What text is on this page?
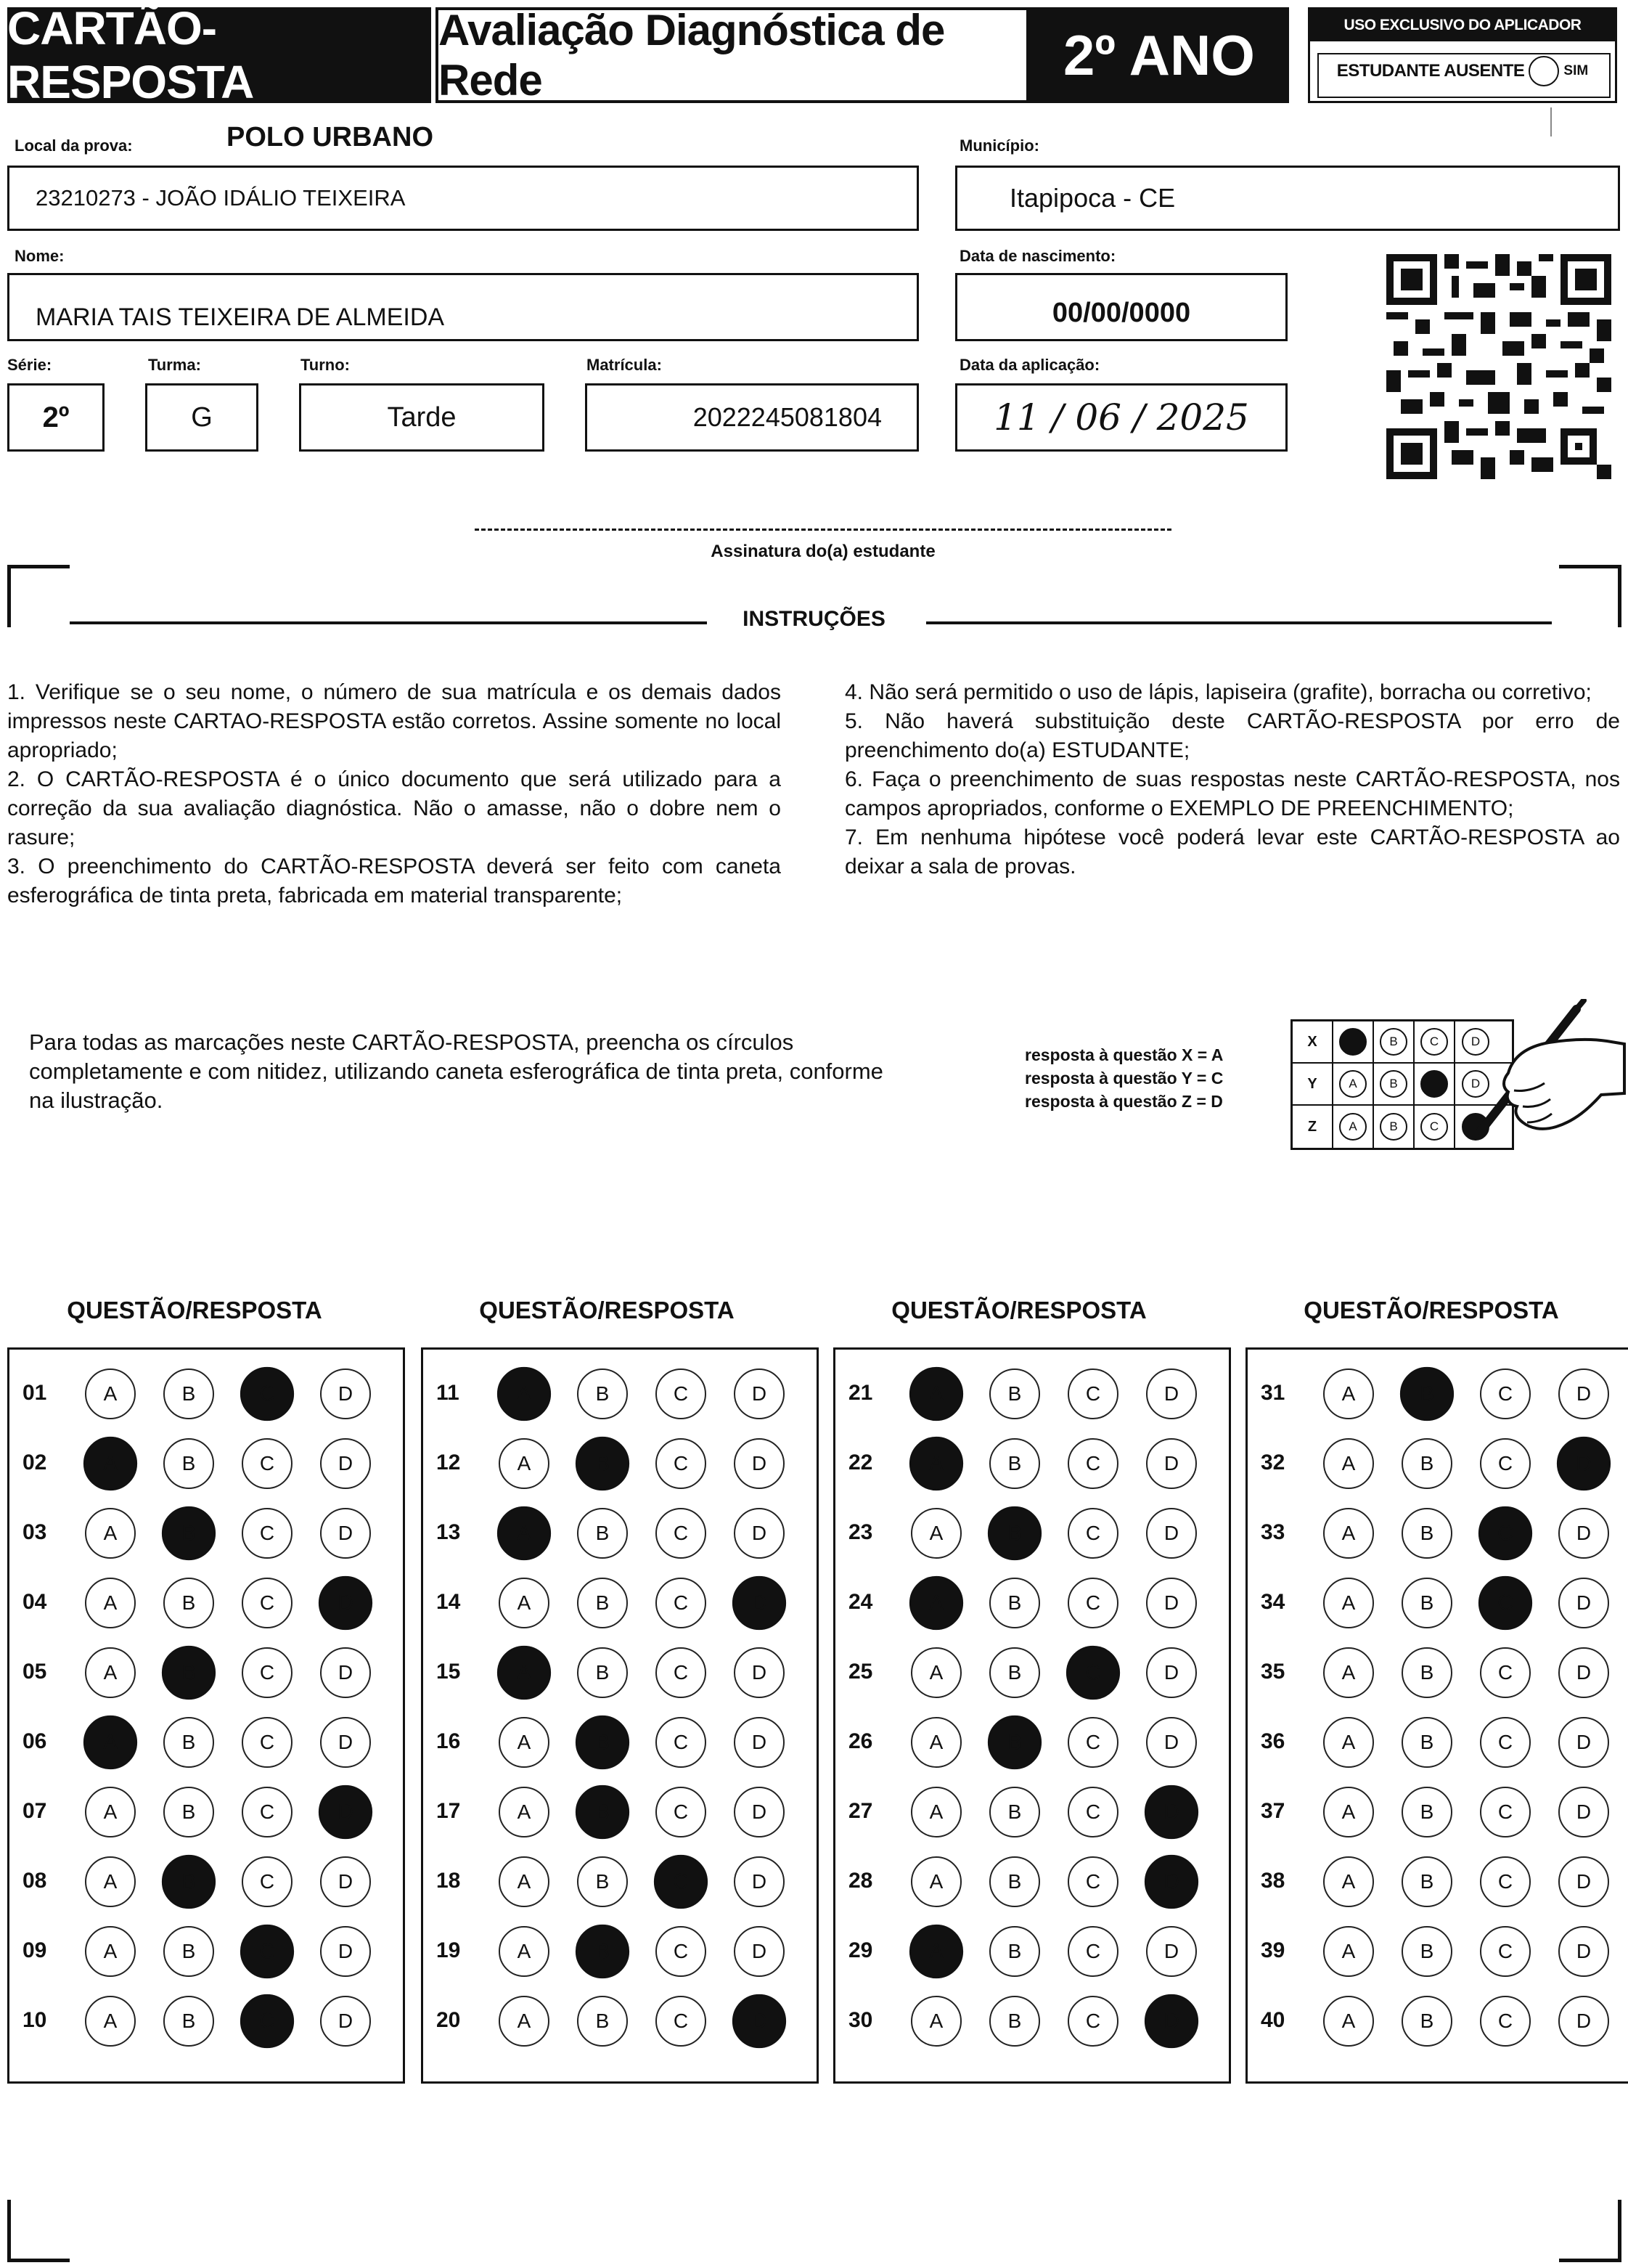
CARTÃO-RESPOSTA
Avaliação Diagnóstica de Rede	2º ANO	USO EXCLUSIVO DO APLICADOR
ESTUDANTE AUSENTE	SIM
Local da prova:	POLO URBANO
23210273 - JOÃO IDÁLIO TEIXEIRA
Município:
Itapipoca - CE
Nome:
MARIA TAIS TEIXEIRA DE ALMEIDA
Data de nascimento:
00/00/0000
Série:
2º
Turma:
G
Turno:
Tarde
Matrícula:
2022245081804
Data da aplicação:
11 / 06 / 2025
Assinatura do(a) estudante
INSTRUÇÕES

1. Verifique se o seu nome, o número de sua matrícula e os demais dados impressos neste CARTAO-RESPOSTA estão corretos. Assine somente no local apropriado;

2. O CARTÃO-RESPOSTA é o único documento que será utilizado para a correção da sua avaliação diagnóstica. Não o amasse, não o dobre nem o rasure;

3. O preenchimento do CARTÃO-RESPOSTA deverá ser feito com caneta esferográfica de tinta preta, fabricada em material transparente;

4. Não será permitido o uso de lápis, lapiseira (grafite), borracha ou corretivo;

5. Não haverá substituição deste CARTÃO-RESPOSTA por erro de preenchimento do(a) ESTUDANTE;

6. Faça o preenchimento de suas respostas neste CARTÃO-RESPOSTA, nos campos apropriados, conforme o EXEMPLO DE PREENCHIMENTO;

7. Em nenhuma hipótese você poderá levar este CARTÃO-RESPOSTA ao deixar a sala de provas.

Para todas as marcações neste CARTÃO-RESPOSTA, preencha os círculos completamente e com nitidez, utilizando caneta esferográfica de tinta preta, conforme na ilustração.
resposta à questão X = A
resposta à questão Y = C
resposta à questão Z = D
X	B	C	D
Y	A	B	D
Z	A	B	C
QUESTÃO/RESPOSTA	QUESTÃO/RESPOSTA	QUESTÃO/RESPOSTA	QUESTÃO/RESPOSTA
01	A	B	C	D
02	A	B	C	D
03	A	B	C	D
04	A	B	C	D
05	A	B	C	D
06	A	B	C	D
07	A	B	C	D
08	A	B	C	D
09	A	B	C	D
10	A	B	C	D
11	A	B	C	D
12	A	B	C	D
13	A	B	C	D
14	A	B	C	D
15	A	B	C	D
16	A	B	C	D
17	A	B	C	D
18	A	B	C	D
19	A	B	C	D
20	A	B	C	D
21	A	B	C	D
22	A	B	C	D
23	A	B	C	D
24	A	B	C	D
25	A	B	C	D
26	A	B	C	D
27	A	B	C	D
28	A	B	C	D
29	A	B	C	D
30	A	B	C	D
31	A	B	C	D
32	A	B	C	D
33	A	B	C	D
34	A	B	C	D
35	A	B	C	D
36	A	B	C	D
37	A	B	C	D
38	A	B	C	D
39	A	B	C	D
40	A	B	C	D
